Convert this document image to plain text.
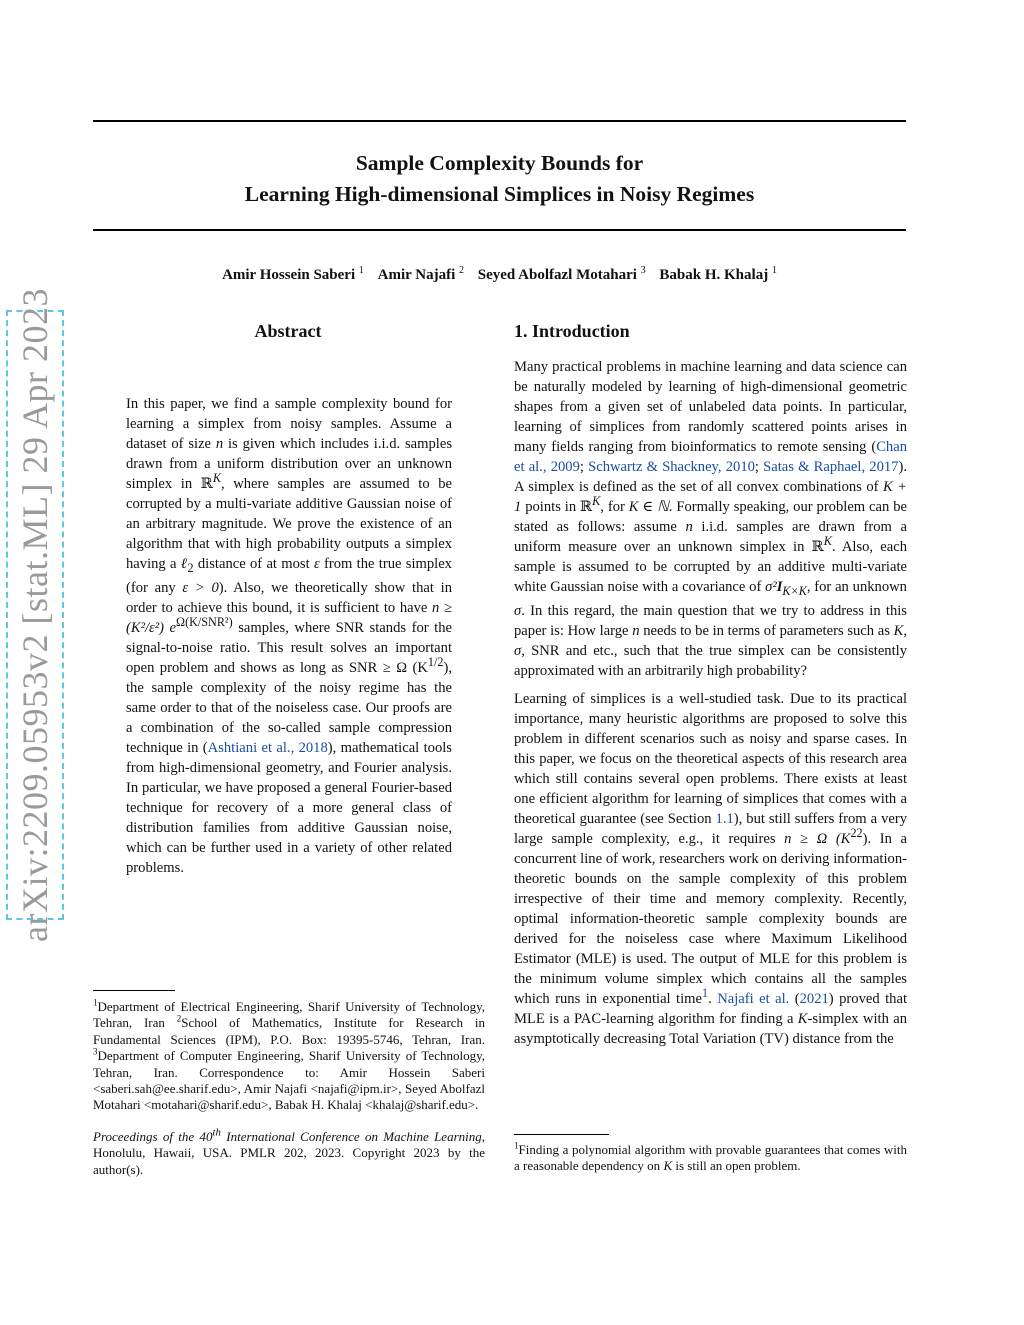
Sample Complexity Bounds for
Learning High-dimensional Simplices in Noisy Regimes
Amir Hossein Saberi $^1$ Amir Najafi $^2$ Seyed Abolfazl Motahari $^3$ Babak H. Khalaj $^1$
arXiv:2209.05953v2 [stat.ML] 29 Apr 2023	Abstract
In this paper, we find a sample complexity bound for learning a simplex from noisy samples. Assume a dataset of size n is given which includes i.i.d. samples drawn from a uniform distribution over an unknown simplex in ℝ$^K$, where samples are assumed to be corrupted by a multi-variate additive Gaussian noise of an arbitrary magnitude. We prove the existence of an algorithm that with high probability outputs a simplex having a ℓ$_2$ distance of at most ε from the true simplex (for any ε > 0). Also, we theoretically show that in order to achieve this bound, it is sufficient to have n ≥ (K²/ε²) $e^{\Omega(K/SNR^2)}$ samples, where SNR stands for the signal-to-noise ratio. This result solves an important open problem and shows as long as SNR ≥ Ω $(K^{1/2})$, the sample complexity of the noisy regime has the same order to that of the noiseless case. Our proofs are a combination of the so-called sample compression technique in (Ashtiani et al., 2018), mathematical tools from high-dimensional geometry, and Fourier analysis. In particular, we have proposed a general Fourier-based technique for recovery of a more general class of distribution families from additive Gaussian noise, which can be further used in a variety of other related problems.
$^1$Department of Electrical Engineering, Sharif University of Technology, Tehran, Iran $^2$School of Mathematics, Institute for Research in Fundamental Sciences (IPM), P.O. Box: 19395-5746, Tehran, Iran. $^3$Department of Computer Engineering, Sharif University of Technology, Tehran, Iran. Correspondence to: Amir Hossein Saberi <saberi.sah@ee.sharif.edu>, Amir Najafi <najafi@ipm.ir>, Seyed Abolfazl Motahari <motahari@sharif.edu>, Babak H. Khalaj <khalaj@sharif.edu>.
Proceedings of the 40th International Conference on Machine Learning, Honolulu, Hawaii, USA. PMLR 202, 2023. Copyright 2023 by the author(s).
1. Introduction

Many practical problems in machine learning and data science can be naturally modeled by learning of high-dimensional geometric shapes from a given set of unlabeled data points. In particular, learning of simplices from randomly scattered points arises in many fields ranging from bioinformatics to remote sensing (Chan et al., 2009; Schwartz & Shackney, 2010; Satas & Raphael, 2017). A simplex is defined as the set of all convex combinations of K + 1 points in ℝ$^K$, for K ∈ ℕ. Formally speaking, our problem can be stated as follows: assume n i.i.d. samples are drawn from a uniform measure over an unknown simplex in ℝ$^K$. Also, each sample is assumed to be corrupted by an additive multi-variate white Gaussian noise with a covariance of $\sigma^2I_{K\times K}$, for an unknown σ. In this regard, the main question that we try to address in this paper is: How large n needs to be in terms of parameters such as K, σ, SNR and etc., such that the true simplex can be consistently approximated with an arbitrarily high probability?

Learning of simplices is a well-studied task. Due to its practical importance, many heuristic algorithms are proposed to solve this problem in different scenarios such as noisy and sparse cases. In this paper, we focus on the theoretical aspects of this research area which still contains several open problems. There exists at least one efficient algorithm for learning of simplices that comes with a theoretical guarantee (see Section 1.1), but still suffers from a very large sample complexity, e.g., it requires n ≥ Ω $(K^{22})$. In a concurrent line of work, researchers work on deriving information-theoretic bounds on the sample complexity of this problem irrespective of their time and memory complexity. Recently, optimal information-theoretic sample complexity bounds are derived for the noiseless case where Maximum Likelihood Estimator (MLE) is used. The output of MLE for this problem is the minimum volume simplex which contains all the samples which runs in exponential time$^1$. Najafi et al. (2021) proved that MLE is a PAC-learning algorithm for finding a K-simplex with an asymptotically decreasing Total Variation (TV) distance from the

$^1$Finding a polynomial algorithm with provable guarantees that comes with a reasonable dependency on K is still an open problem.
